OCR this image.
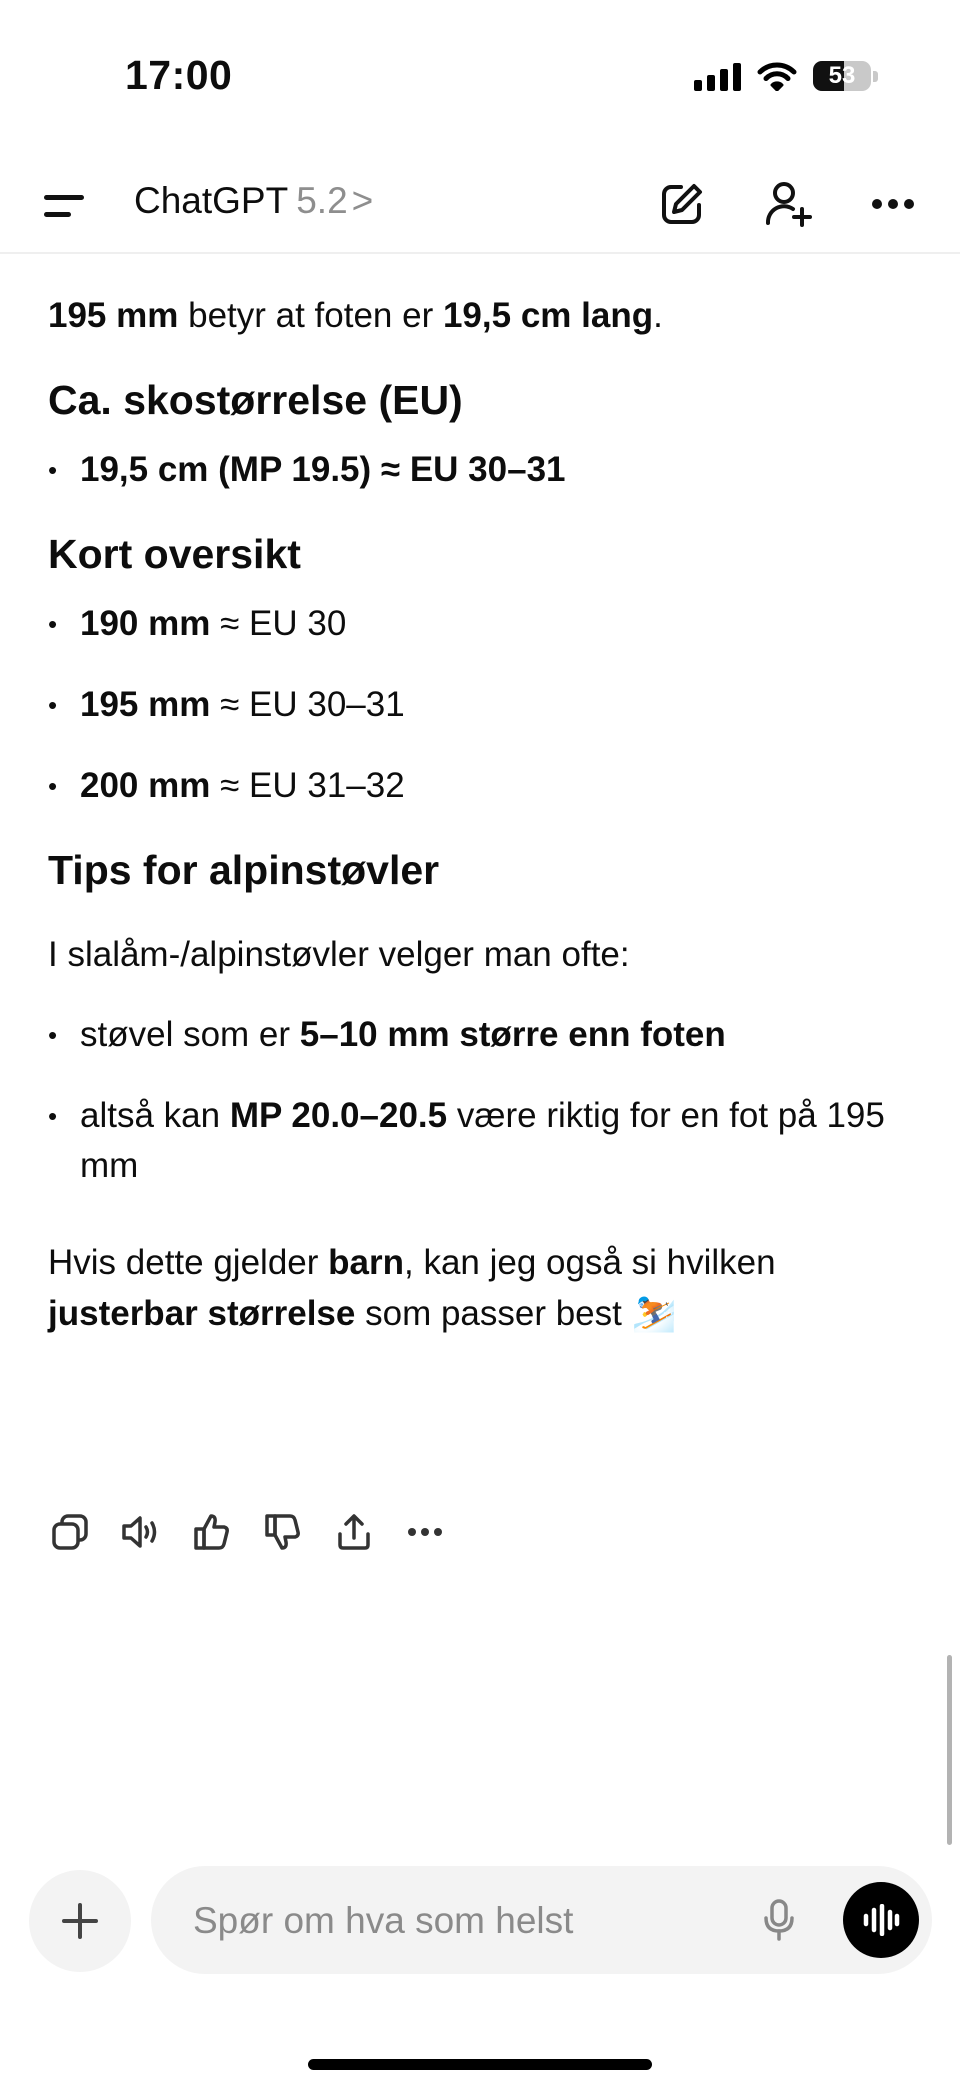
17:00	53
ChatGPT 5.2 >

195 mm betyr at foten er 19,5 cm lang.

Ca. skostørrelse (EU)
• 19,5 cm (MP 19.5) ≈ EU 30–31
Kort oversikt
• 190 mm ≈ EU 30
• 195 mm ≈ EU 30–31
• 200 mm ≈ EU 31–32
Tips for alpinstøvler

I slalåm-/alpinstøvler velger man ofte:

• støvel som er 5–10 mm større enn foten
• altså kan MP 20.0–20.5 være riktig for en fot på 195 mm

Hvis dette gjelder barn, kan jeg også si hvilken justerbar størrelse som passer best ⛷️

Spør om hva som helst
